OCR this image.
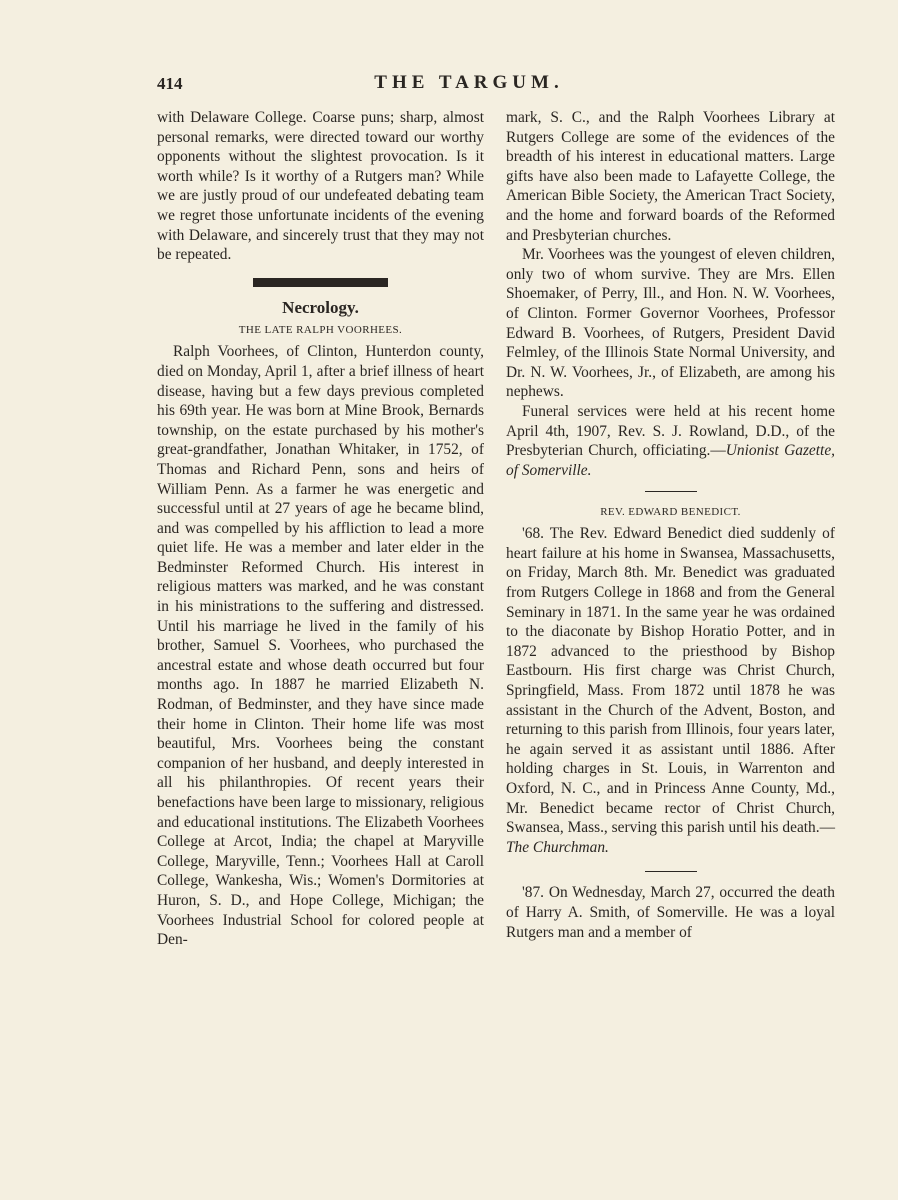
414	THE TARGUM.

with Delaware College. Coarse puns; sharp, almost personal remarks, were directed toward our worthy opponents without the slightest provocation. Is it worth while? Is it worthy of a Rutgers man? While we are justly proud of our undefeated debating team we regret those unfortunate incidents of the evening with Delaware, and sincerely trust that they may not be repeated.

Necrology.
THE LATE RALPH VOORHEES.

Ralph Voorhees, of Clinton, Hunterdon county, died on Monday, April 1, after a brief illness of heart disease, having but a few days previous completed his 69th year. He was born at Mine Brook, Bernards township, on the estate purchased by his mother's great-grandfather, Jonathan Whitaker, in 1752, of Thomas and Richard Penn, sons and heirs of William Penn. As a farmer he was energetic and successful until at 27 years of age he became blind, and was compelled by his affliction to lead a more quiet life. He was a member and later elder in the Bedminster Reformed Church. His interest in religious matters was marked, and he was constant in his ministrations to the suffering and distressed. Until his marriage he lived in the family of his brother, Samuel S. Voorhees, who purchased the ancestral estate and whose death occurred but four months ago. In 1887 he married Elizabeth N. Rodman, of Bedminster, and they have since made their home in Clinton. Their home life was most beautiful, Mrs. Voorhees being the constant companion of her husband, and deeply interested in all his philanthropies. Of recent years their benefactions have been large to missionary, religious and educational institutions. The Elizabeth Voorhees College at Arcot, India; the chapel at Maryville College, Maryville, Tenn.; Voorhees Hall at Caroll College, Wankesha, Wis.; Women's Dormitories at Huron, S. D., and Hope College, Michigan; the Voorhees Industrial School for colored people at Den-

mark, S. C., and the Ralph Voorhees Library at Rutgers College are some of the evidences of the breadth of his interest in educational matters. Large gifts have also been made to Lafayette College, the American Bible Society, the American Tract Society, and the home and forward boards of the Reformed and Presbyterian churches.

Mr. Voorhees was the youngest of eleven children, only two of whom survive. They are Mrs. Ellen Shoemaker, of Perry, Ill., and Hon. N. W. Voorhees, of Clinton. Former Governor Voorhees, Professor Edward B. Voorhees, of Rutgers, President David Felmley, of the Illinois State Normal University, and Dr. N. W. Voorhees, Jr., of Elizabeth, are among his nephews.

Funeral services were held at his recent home April 4th, 1907, Rev. S. J. Rowland, D.D., of the Presbyterian Church, officiating.—Unionist Gazette, of Somerville.

REV. EDWARD BENEDICT.

'68. The Rev. Edward Benedict died suddenly of heart failure at his home in Swansea, Massachusetts, on Friday, March 8th. Mr. Benedict was graduated from Rutgers College in 1868 and from the General Seminary in 1871. In the same year he was ordained to the diaconate by Bishop Horatio Potter, and in 1872 advanced to the priesthood by Bishop Eastbourn. His first charge was Christ Church, Springfield, Mass. From 1872 until 1878 he was assistant in the Church of the Advent, Boston, and returning to this parish from Illinois, four years later, he again served it as assistant until 1886. After holding charges in St. Louis, in Warrenton and Oxford, N. C., and in Princess Anne County, Md., Mr. Benedict became rector of Christ Church, Swansea, Mass., serving this parish until his death.—The Churchman.

'87. On Wednesday, March 27, occurred the death of Harry A. Smith, of Somerville. He was a loyal Rutgers man and a member of
